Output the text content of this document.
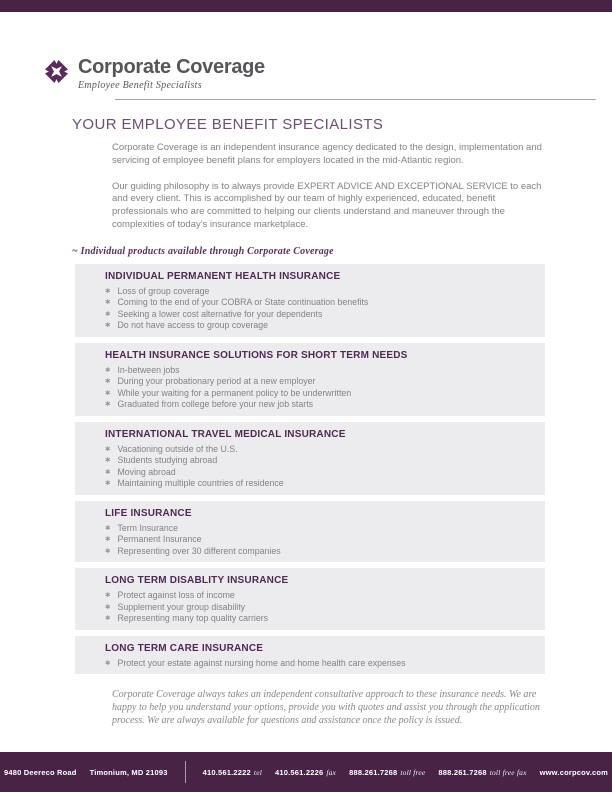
Corporate Coverage
Employee Benefit Specialists
YOUR EMPLOYEE BENEFIT SPECIALISTS

Corporate Coverage is an independent insurance agency dedicated to the design, implementation and servicing of employee benefit plans for employers located in the mid-Atlantic region.

Our guiding philosophy is to always provide EXPERT ADVICE AND EXCEPTIONAL SERVICE to each and every client. This is accomplished by our team of highly experienced, educated, benefit professionals who are committed to helping our clients understand and maneuver through the complexities of today's insurance marketplace.

~ Individual products available through Corporate Coverage
INDIVIDUAL PERMANENT HEALTH INSURANCE
✱ Loss of group coverage
✱ Coming to the end of your COBRA or State continuation benefits
✱ Seeking a lower cost alternative for your dependents
✱ Do not have access to group coverage
HEALTH INSURANCE SOLUTIONS FOR SHORT TERM NEEDS
✱ In-between jobs
✱ During your probationary period at a new employer
✱ While your waiting for a permanent policy to be underwritten
✱ Graduated from college before your new job starts
INTERNATIONAL TRAVEL MEDICAL INSURANCE
✱ Vacationing outside of the U.S.
✱ Students studying abroad
✱ Moving abroad
✱ Maintaining multiple countries of residence
LIFE INSURANCE
✱ Term Insurance
✱ Permanent Insurance
✱ Representing over 30 different companies
LONG TERM DISABLITY INSURANCE
✱ Protect against loss of income
✱ Supplement your group disability
✱ Representing many top quality carriers
LONG TERM CARE INSURANCE
✱ Protect your estate against nursing home and home health care expenses

Corporate Coverage always takes an independent consultative approach to these insurance needs. We are happy to help you understand your options, provide you with quotes and assist you through the application process. We are always available for questions and assistance once the policy is issued.

9480 Deereco Road Timonium, MD 21093	410.561.2222 tel 410.561.2226 fax 888.261.7268 toll free 888.261.7268 toll free fax www.corpcov.com
